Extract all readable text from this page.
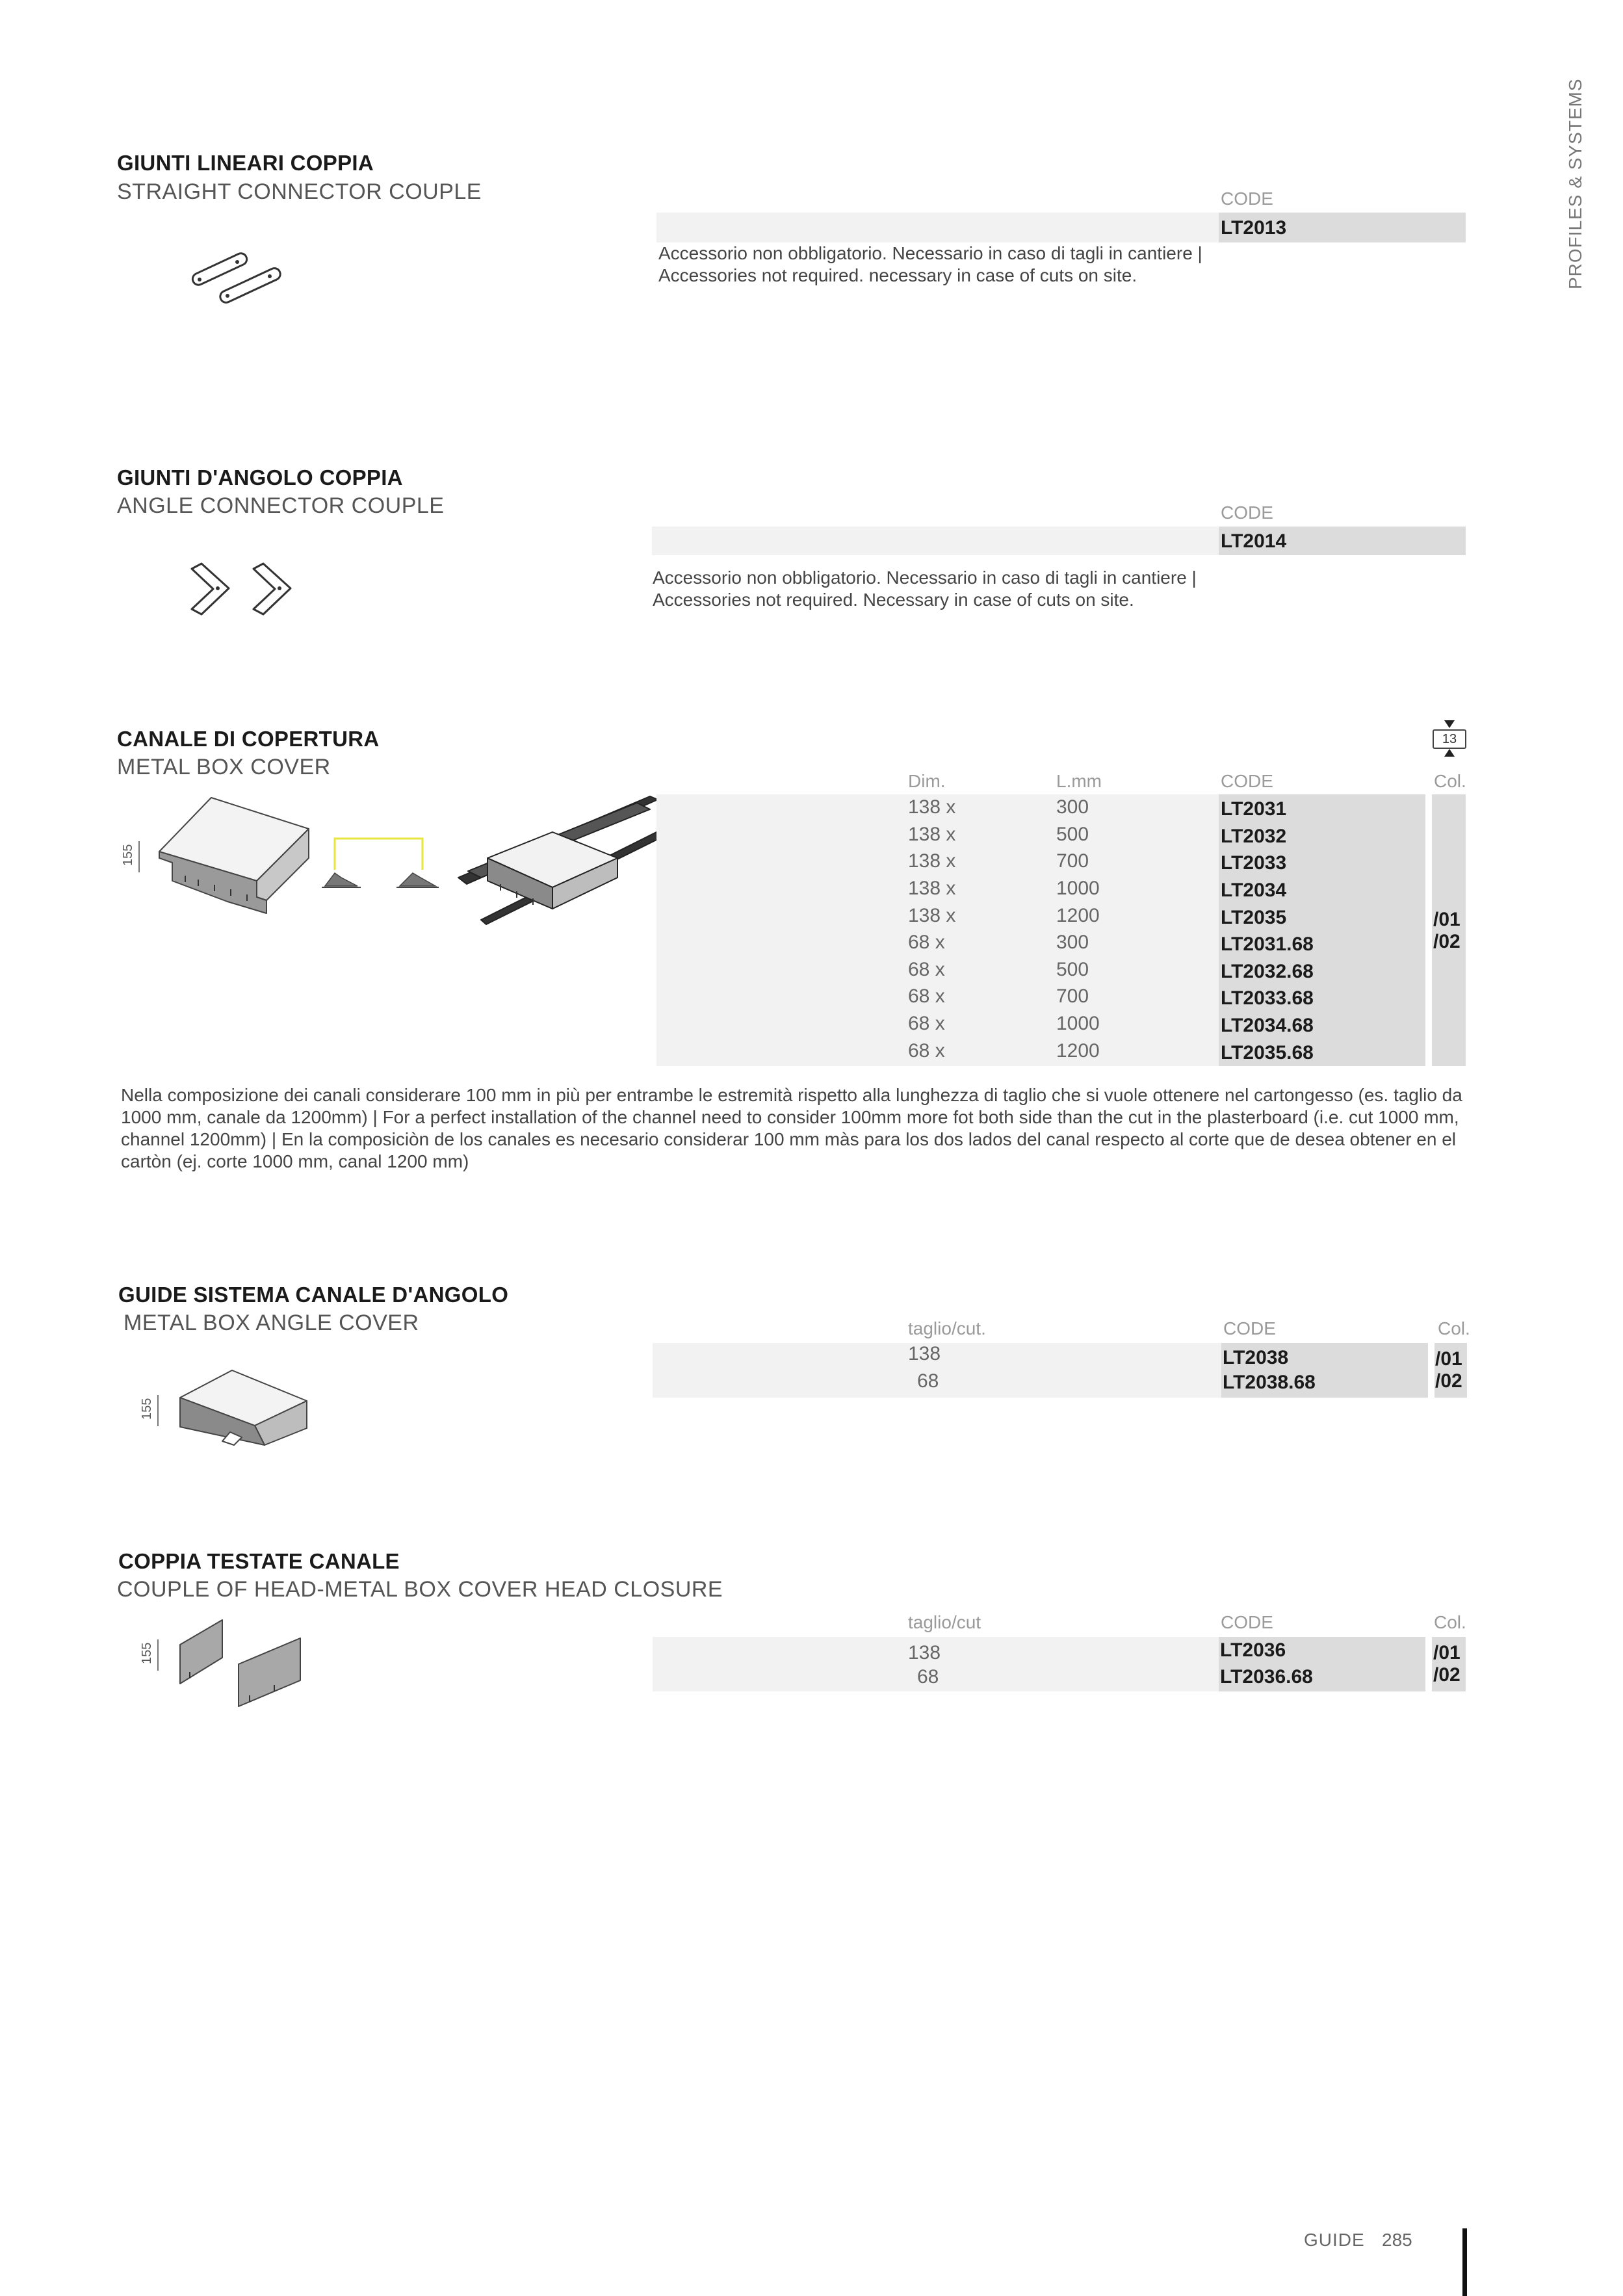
PROFILES & SYSTEMS
GIUNTI LINEARI COPPIA
STRAIGHT CONNECTOR COUPLE	CODE
LT2013
Accessorio non obbligatorio. Necessario in caso di tagli in cantiere |
Accessories not required. necessary in case of cuts on site.
GIUNTI D'ANGOLO COPPIA
ANGLE CONNECTOR COUPLE	CODE
LT2014
Accessorio non obbligatorio. Necessario in caso di tagli in cantiere |
Accessories not required. Necessary in case of cuts on site.
CANALE DI COPERTURA
METAL BOX COVER
155
13
Dim.	L.mm	CODE	Col.
138 x	300	LT2031
138 x	500	LT2032
138 x	700	LT2033
138 x	1000	LT2034
138 x	1200	LT2035
68 x	300	LT2031.68
68 x	500	LT2032.68
68 x	700	LT2033.68
68 x	1000	LT2034.68
68 x	1200	LT2035.68
/01
/02
Nella composizione dei canali considerare 100 mm in più per entrambe le estremità rispetto alla lunghezza di taglio che si vuole ottenere nel cartongesso (es. taglio da 1000 mm, canale da 1200mm) | For a perfect installation of the channel need to consider 100mm more fot both side than the cut in the plasterboard (i.e. cut 1000 mm, channel 1200mm) | En la composiciòn de los canales es necesario considerar 100 mm màs para los dos lados del canal respecto al corte que de desea obtener en el cartòn (ej. corte 1000 mm, canal 1200 mm)
GUIDE SISTEMA CANALE D'ANGOLO
METAL BOX ANGLE COVER
155
taglio/cut.	CODE	Col.
138	LT2038
68	LT2038.68
/01
/02
COPPIA TESTATE CANALE
COUPLE OF HEAD-METAL BOX COVER HEAD CLOSURE
155
taglio/cut	CODE	Col.
138	LT2036
68	LT2036.68
/01
/02
GUIDE 285
